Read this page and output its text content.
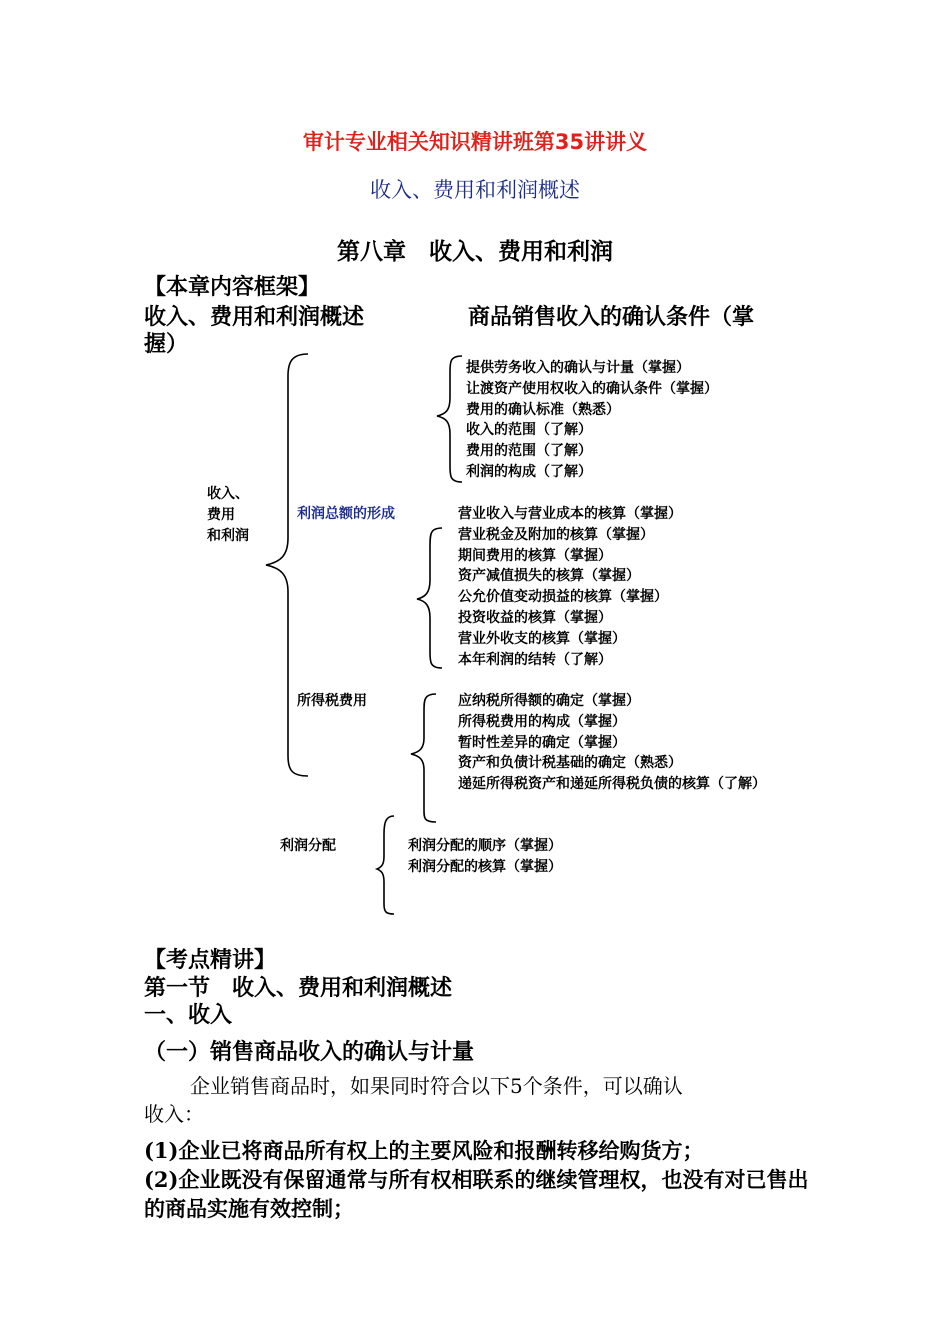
审计专业相关知识精讲班第35讲讲义
收入、费用和利润概述
第八章　收入、费用和利润
【本章内容框架】
收入、费用和利润概述	商品销售收入的确认条件（掌
握）
收入、
费用
和利润
提供劳务收入的确认与计量（掌握）
让渡资产使用权收入的确认条件（掌握）
费用的确认标准（熟悉）
收入的范围（了解）
费用的范围（了解）
利润的构成（了解）
利润总额的形成	营业收入与营业成本的核算（掌握）
营业税金及附加的核算（掌握）
期间费用的核算（掌握）
资产减值损失的核算（掌握）
公允价值变动损益的核算（掌握）
投资收益的核算（掌握）
营业外收支的核算（掌握）
本年利润的结转（了解）
所得税费用	应纳税所得额的确定（掌握）
所得税费用的构成（掌握）
暂时性差异的确定（掌握）
资产和负债计税基础的确定（熟悉）
递延所得税资产和递延所得税负债的核算（了解）
利润分配	利润分配的顺序（掌握）
利润分配的核算（掌握）
【考点精讲】
第一节　收入、费用和利润概述
一、收入
（一）销售商品收入的确认与计量
企业销售商品时，如果同时符合以下5个条件，可以确认
收入：
(1)企业已将商品所有权上的主要风险和报酬转移给购货方；
(2)企业既没有保留通常与所有权相联系的继续管理权，也没有对已售出的商品实施有效控制；
